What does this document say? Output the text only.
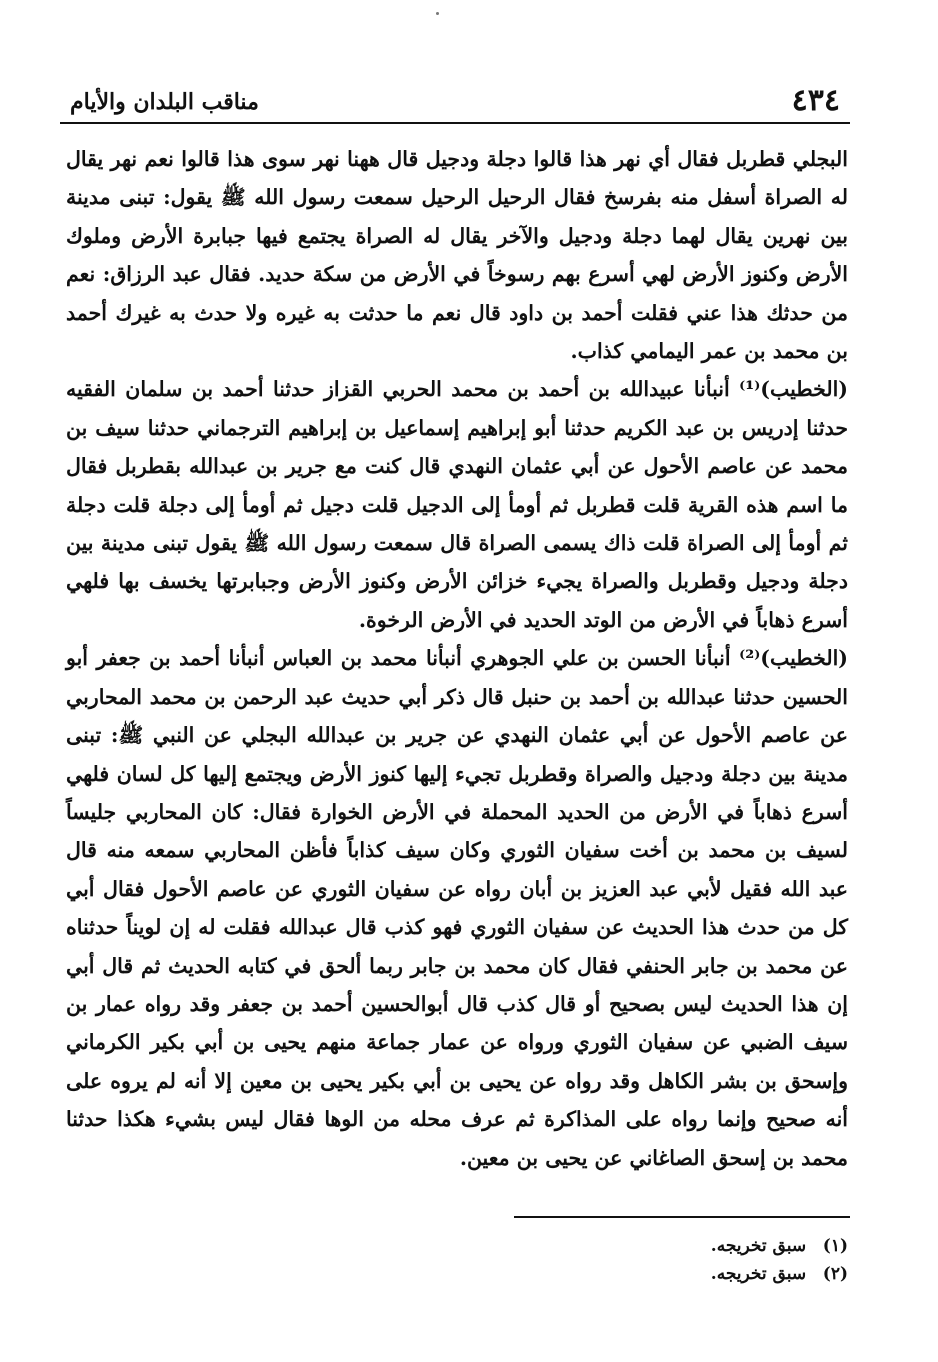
٤٣٤
مناقب البلدان والأيام

البجلي قطربل فقال أي نهر هذا قالوا دجلة ودجيل قال ههنا نهر سوى هذا قالوا نعم نهر يقال له الصراة أسفل منه بفرسخ فقال الرحيل الرحيل سمعت رسول الله ﷺ يقول: تبنى مدينة بين نهرين يقال لهما دجلة ودجيل والآخر يقال له الصراة يجتمع فيها جبابرة الأرض وملوك الأرض وكنوز الأرض لهي أسرع بهم رسوخاً في الأرض من سكة حديد. فقال عبد الرزاق: نعم من حدثك هذا عني فقلت أحمد بن داود قال نعم ما حدثت به غيره ولا حدث به غيرك أحمد بن محمد بن عمر اليمامي كذاب.

(الخطيب)⁽¹⁾ أنبأنا عبيدالله بن أحمد بن محمد الحربي القزاز حدثنا أحمد بن سلمان الفقيه حدثنا إدريس بن عبد الكريم حدثنا أبو إبراهيم إسماعيل بن إبراهيم الترجماني حدثنا سيف بن محمد عن عاصم الأحول عن أبي عثمان النهدي قال كنت مع جرير بن عبدالله بقطربل فقال ما اسم هذه القرية قلت قطربل ثم أومأ إلى الدجيل قلت دجيل ثم أومأ إلى دجلة قلت دجلة ثم أومأ إلى الصراة قلت ذاك يسمى الصراة قال سمعت رسول الله ﷺ يقول تبنى مدينة بين دجلة ودجيل وقطربل والصراة يجيء خزائن الأرض وكنوز الأرض وجبابرتها يخسف بها فلهي أسرع ذهاباً في الأرض من الوتد الحديد في الأرض الرخوة.

(الخطيب)⁽²⁾ أنبأنا الحسن بن علي الجوهري أنبأنا محمد بن العباس أنبأنا أحمد بن جعفر أبو الحسين حدثنا عبدالله بن أحمد بن حنبل قال ذكر أبي حديث عبد الرحمن بن محمد المحاربي عن عاصم الأحول عن أبي عثمان النهدي عن جرير بن عبدالله البجلي عن النبي ﷺ: تبنى مدينة بين دجلة ودجيل والصراة وقطربل تجيء إليها كنوز الأرض ويجتمع إليها كل لسان فلهي أسرع ذهاباً في الأرض من الحديد المحملة في الأرض الخوارة فقال: كان المحاربي جليساً لسيف بن محمد بن أخت سفيان الثوري وكان سيف كذاباً فأظن المحاربي سمعه منه قال عبد الله فقيل لأبي عبد العزيز بن أبان رواه عن سفيان الثوري عن عاصم الأحول فقال أبي كل من حدث هذا الحديث عن سفيان الثوري فهو كذب قال عبدالله فقلت له إن لويناً حدثناه عن محمد بن جابر الحنفي فقال كان محمد بن جابر ربما ألحق في كتابه الحديث ثم قال أبي إن هذا الحديث ليس بصحيح أو قال كذب قال أبوالحسين أحمد بن جعفر وقد رواه عمار بن سيف الضبي عن سفيان الثوري ورواه عن عمار جماعة منهم يحيى بن أبي بكير الكرماني وإسحق بن بشر الكاهل وقد رواه عن يحيى بن أبي بكير يحيى بن معين إلا أنه لم يروه على أنه صحيح وإنما رواه على المذاكرة ثم عرف محله من الوها فقال ليس بشيء هكذا حدثنا محمد بن إسحق الصاغاني عن يحيى بن معين.

(١) سبق تخريجه.
(٢) سبق تخريجه.
